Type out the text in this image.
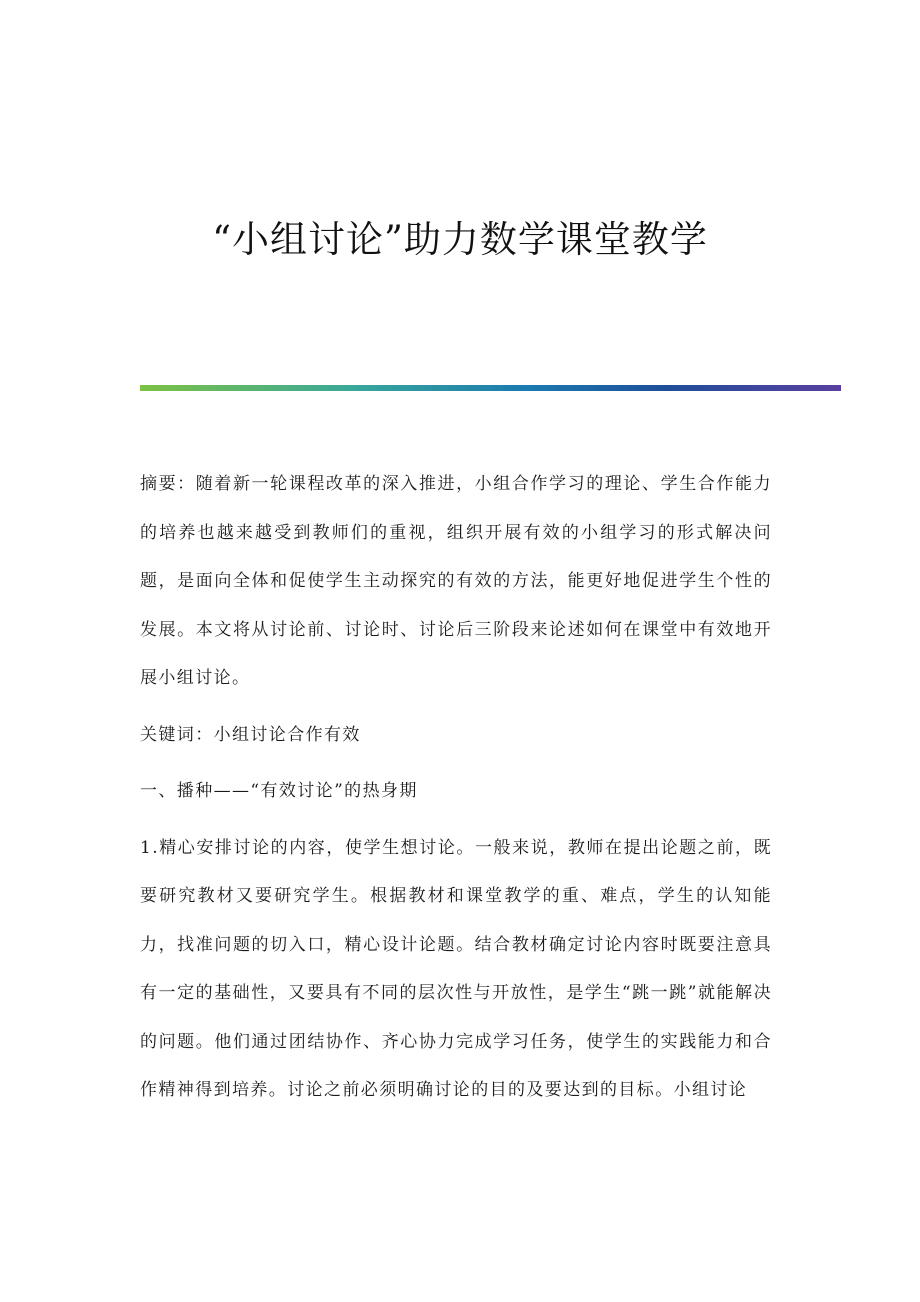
“小组讨论”助力数学课堂教学

摘要：随着新一轮课程改革的深入推进，小组合作学习的理论、学生合作能力的培养也越来越受到教师们的重视，组织开展有效的小组学习的形式解决问题，是面向全体和促使学生主动探究的有效的方法，能更好地促进学生个性的发展。本文将从讨论前、讨论时、讨论后三阶段来论述如何在课堂中有效地开展小组讨论。

关键词：小组讨论合作有效

一、播种——“有效讨论”的热身期

1.精心安排讨论的内容，使学生想讨论。一般来说，教师在提出论题之前，既要研究教材又要研究学生。根据教材和课堂教学的重、难点，学生的认知能力，找准问题的切入口，精心设计论题。结合教材确定讨论内容时既要注意具有一定的基础性，又要具有不同的层次性与开放性，是学生“跳一跳”就能解决的问题。他们通过团结协作、齐心协力完成学习任务，使学生的实践能力和合作精神得到培养。讨论之前必须明确讨论的目的及要达到的目标。小组讨论
